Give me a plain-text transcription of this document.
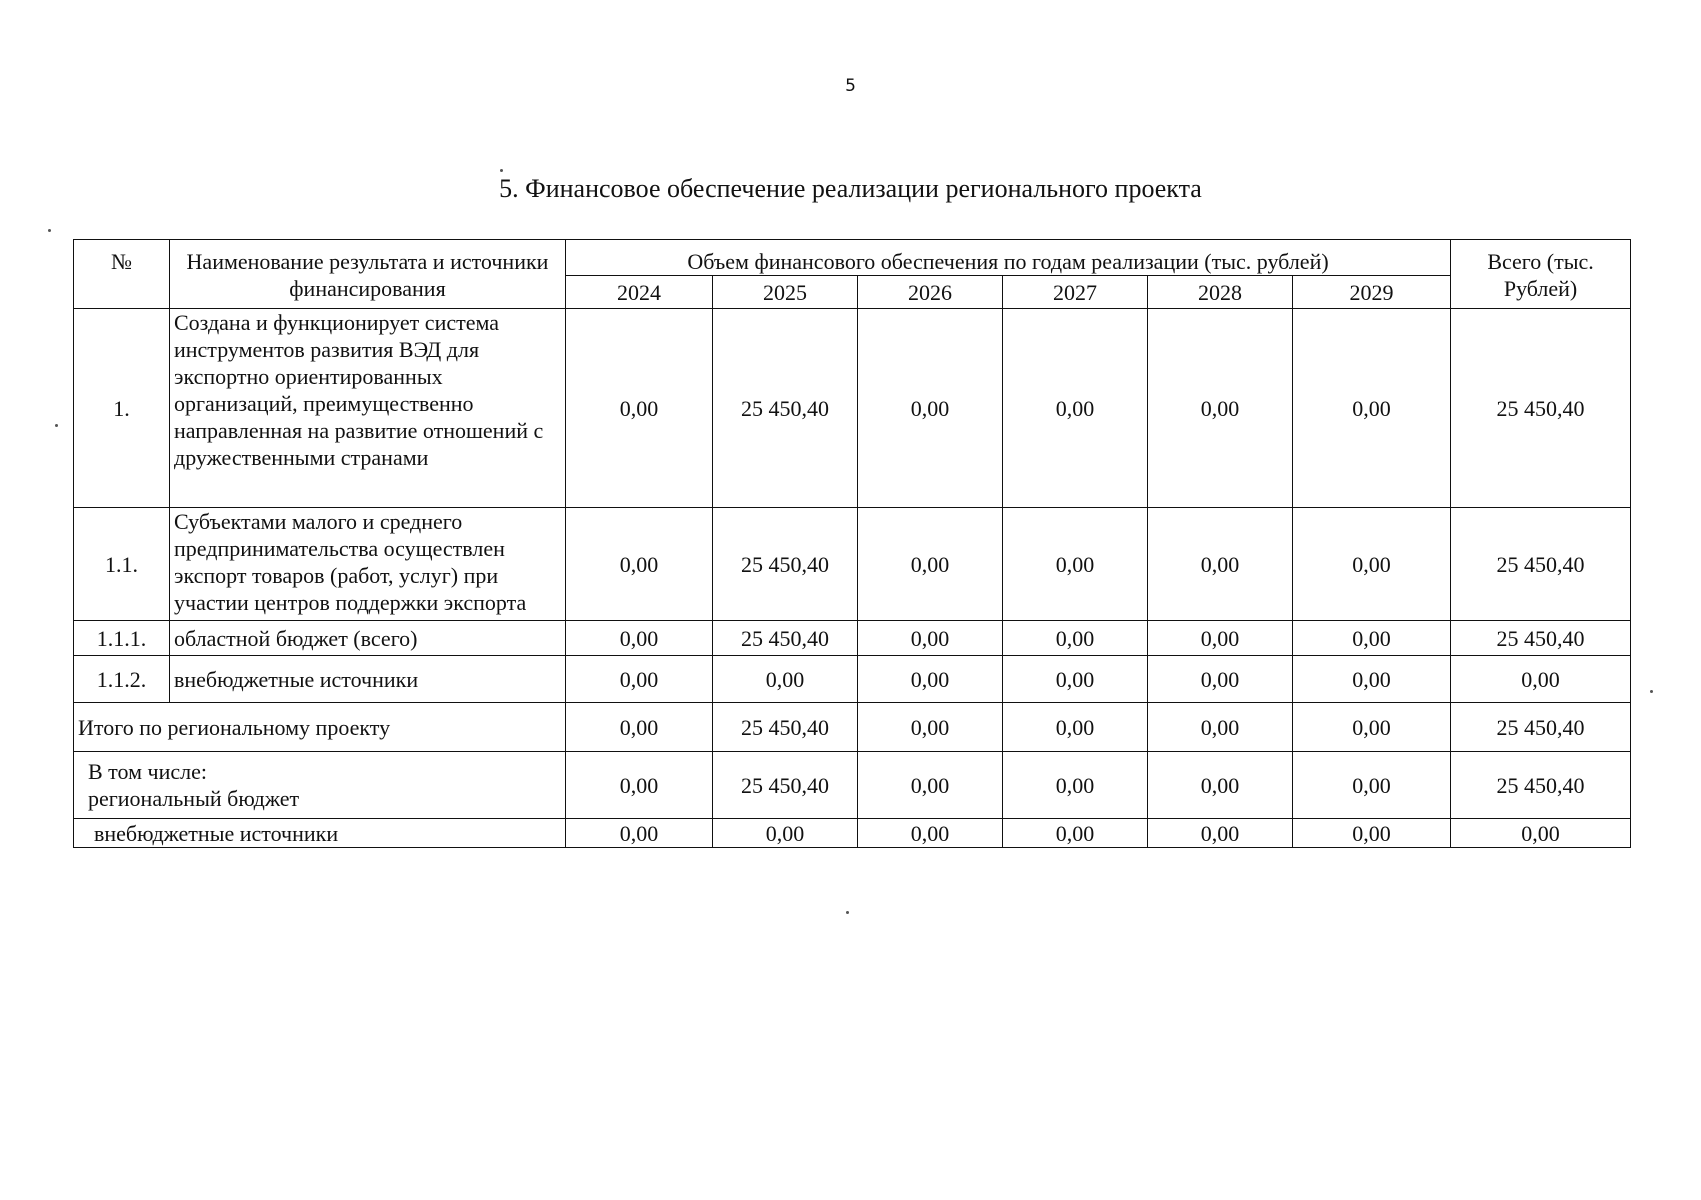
5
5. Финансовое обеспечение реализации регионального проекта
№	Наименование результата и источники финансирования	Объем финансового обеспечения по годам реализации (тыс. рублей)						Всего (тыс. Рублей)
		2024	2025	2026	2027	2028	2029	
1.	Создана и функционирует система инструментов развития ВЭД для экспортно ориентированных организаций, преимущественно направленная на развитие отношений с дружественными странами	0,00	25 450,40	0,00	0,00	0,00	0,00	25 450,40
1.1.	Субъектами малого и среднего предпринимательства осуществлен экспорт товаров (работ, услуг) при участии центров поддержки экспорта	0,00	25 450,40	0,00	0,00	0,00	0,00	25 450,40
1.1.1.	областной бюджет (всего)	0,00	25 450,40	0,00	0,00	0,00	0,00	25 450,40
1.1.2.	внебюджетные источники	0,00	0,00	0,00	0,00	0,00	0,00	0,00
Итого по региональному проекту		0,00	25 450,40	0,00	0,00	0,00	0,00	25 450,40

В том числе:
региональный бюджет		0,00	25 450,40	0,00	0,00	0,00	0,00	25 450,40
внебюджетные источники		0,00	0,00	0,00	0,00	0,00	0,00	0,00
